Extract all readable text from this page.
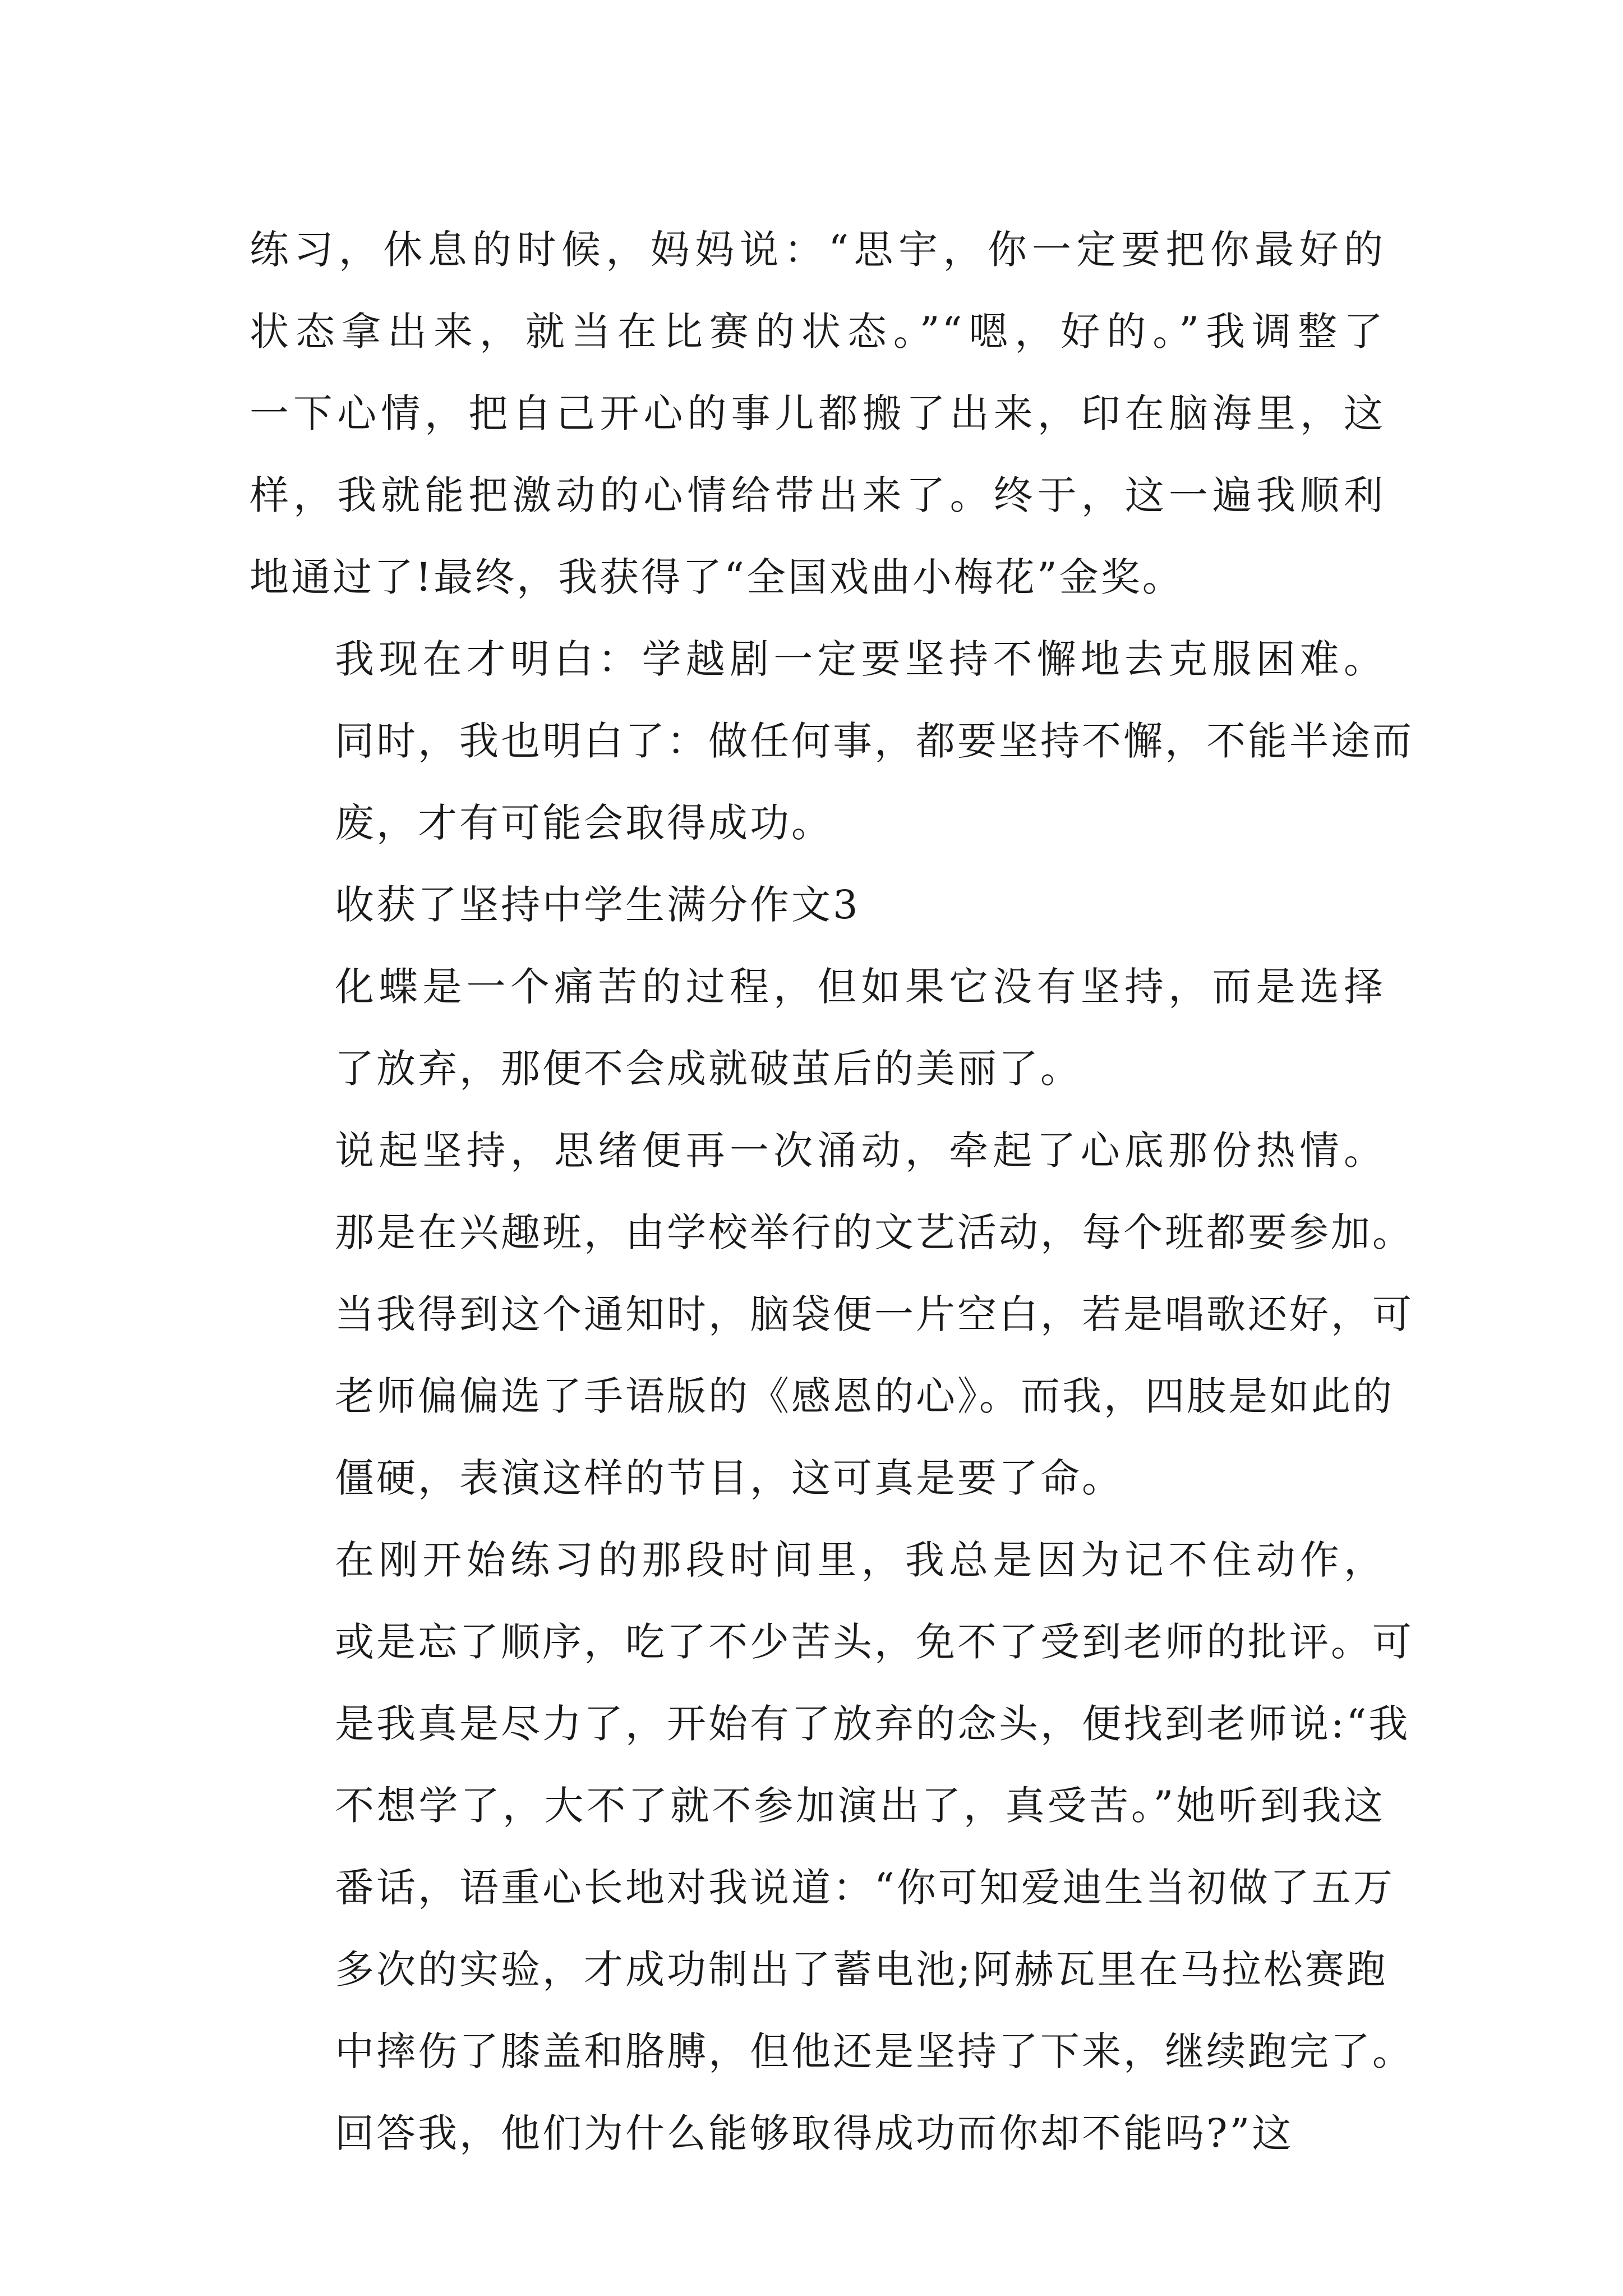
练习，休息的时候，妈妈说：“思宇，你一定要把你最好的
状态拿出来，就当在比赛的状态。”“嗯，好的。”我调整了
一下心情，把自己开心的事儿都搬了出来，印在脑海里，这
样，我就能把激动的心情给带出来了。终于，这一遍我顺利
地通过了!最终，我获得了“全国戏曲小梅花”金奖。

我现在才明白：学越剧一定要坚持不懈地去克服困难。
同时，我也明白了：做任何事，都要坚持不懈，不能半途而
废，才有可能会取得成功。

收获了坚持中学生满分作文3

化蝶是一个痛苦的过程，但如果它没有坚持，而是选择
了放弃，那便不会成就破茧后的美丽了。

说起坚持，思绪便再一次涌动，牵起了心底那份热情。
那是在兴趣班，由学校举行的文艺活动，每个班都要参加。
当我得到这个通知时，脑袋便一片空白，若是唱歌还好，可
老师偏偏选了手语版的《感恩的心》。而我，四肢是如此的
僵硬，表演这样的节目，这可真是要了命。

在刚开始练习的那段时间里，我总是因为记不住动作，
或是忘了顺序，吃了不少苦头，免不了受到老师的批评。可
是我真是尽力了，开始有了放弃的念头，便找到老师说:“我
不想学了，大不了就不参加演出了，真受苦。”她听到我这
番话，语重心长地对我说道：“你可知爱迪生当初做了五万
多次的实验，才成功制出了蓄电池;阿赫瓦里在马拉松赛跑
中摔伤了膝盖和胳膊，但他还是坚持了下来，继续跑完了。

回答我，他们为什么能够取得成功而你却不能吗?”这
